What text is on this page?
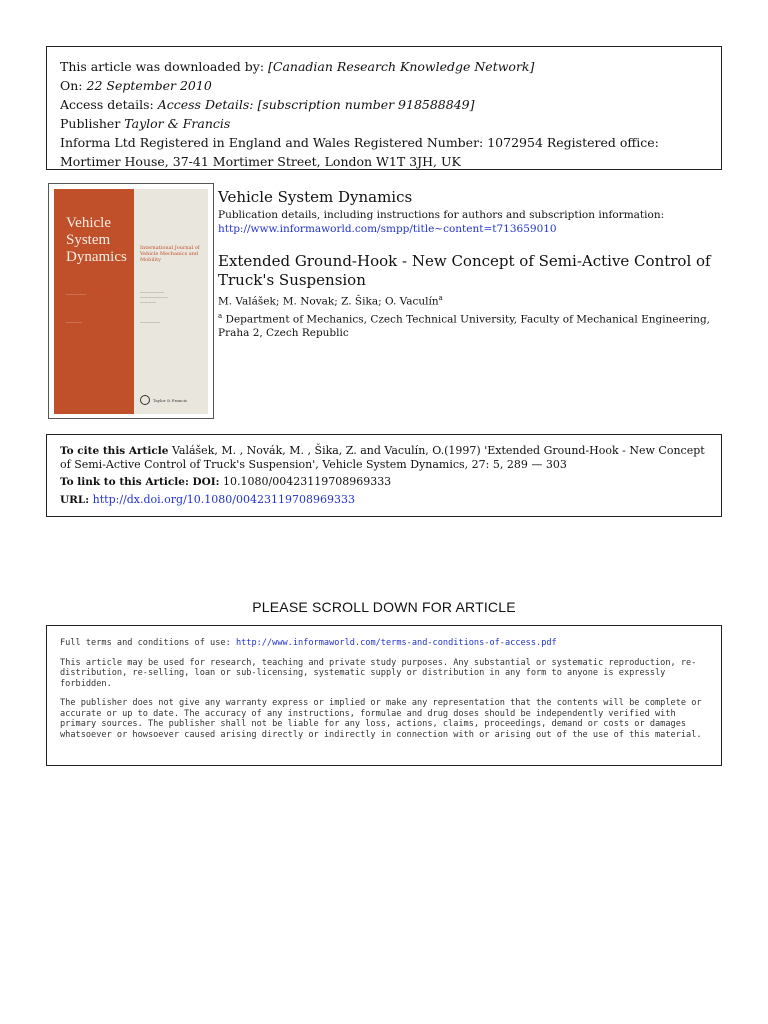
This article was downloaded by: [Canadian Research Knowledge Network]
On: 22 September 2010
Access details: Access Details: [subscription number 918588849]
Publisher Taylor & Francis
Informa Ltd Registered in England and Wales Registered Number: 1072954 Registered office: Mortimer House, 37-41 Mortimer Street, London W1T 3JH, UK
Vehicle
System
Dynamics
—————
————
International Journal of Vehicle Mechanics and Mobility
——————
———————
————
—————
Taylor & Francis
Vehicle System Dynamics
Publication details, including instructions for authors and subscription information:
http://www.informaworld.com/smpp/title~content=t713659010
Extended Ground-Hook - New Concept of Semi-Active Control of Truck's Suspension
M. Valášek; M. Novak; Z. Šika; O. Vaculín$^a$
$^a$ Department of Mechanics, Czech Technical University, Faculty of Mechanical Engineering, Praha 2, Czech Republic
To cite this Article Valášek, M. , Novák, M. , Šika, Z. and Vaculín, O.(1997) 'Extended Ground-Hook - New Concept of Semi-Active Control of Truck's Suspension', Vehicle System Dynamics, 27: 5, 289 — 303
To link to this Article: DOI: 10.1080/00423119708969333
URL: http://dx.doi.org/10.1080/00423119708969333
PLEASE SCROLL DOWN FOR ARTICLE

Full terms and conditions of use: http://www.informaworld.com/terms-and-conditions-of-access.pdf

This article may be used for research, teaching and private study purposes. Any substantial or systematic reproduction, re-distribution, re-selling, loan or sub-licensing, systematic supply or distribution in any form to anyone is expressly forbidden.

The publisher does not give any warranty express or implied or make any representation that the contents will be complete or accurate or up to date. The accuracy of any instructions, formulae and drug doses should be independently verified with primary sources. The publisher shall not be liable for any loss, actions, claims, proceedings, demand or costs or damages whatsoever or howsoever caused arising directly or indirectly in connection with or arising out of the use of this material.
